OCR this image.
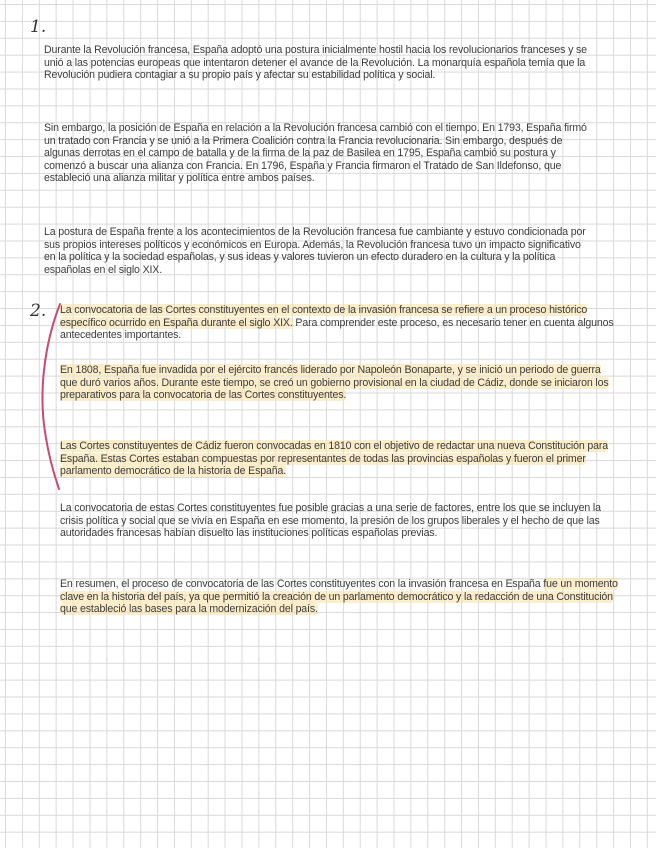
1.

Durante la Revolución francesa, España adoptó una postura inicialmente hostil hacia los revolucionarios franceses y se unió a las potencias europeas que intentaron detener el avance de la Revolución. La monarquía española temía que la Revolución pudiera contagiar a su propio país y afectar su estabilidad política y social.

Sin embargo, la posición de España en relación a la Revolución francesa cambió con el tiempo. En 1793, España firmó un tratado con Francia y se unió a la Primera Coalición contra la Francia revolucionaria. Sin embargo, después de algunas derrotas en el campo de batalla y de la firma de la paz de Basilea en 1795, España cambió su postura y comenzó a buscar una alianza con Francia. En 1796, España y Francia firmaron el Tratado de San Ildefonso, que estableció una alianza militar y política entre ambos países.

La postura de España frente a los acontecimientos de la Revolución francesa fue cambiante y estuvo condicionada por sus propios intereses políticos y económicos en Europa. Además, la Revolución francesa tuvo un impacto significativo en la política y la sociedad españolas, y sus ideas y valores tuvieron un efecto duradero en la cultura y la política españolas en el siglo XIX.

2. La convocatoria de las Cortes constituyentes en el contexto de la invasión francesa se refiere a un proceso histórico específico ocurrido en España durante el siglo XIX. Para comprender este proceso, es necesario tener en cuenta algunos antecedentes importantes.

En 1808, España fue invadida por el ejército francés liderado por Napoleón Bonaparte, y se inició un periodo de guerra que duró varios años. Durante este tiempo, se creó un gobierno provisional en la ciudad de Cádiz, donde se iniciaron los preparativos para la convocatoria de las Cortes constituyentes.

Las Cortes constituyentes de Cádiz fueron convocadas en 1810 con el objetivo de redactar una nueva Constitución para España. Estas Cortes estaban compuestas por representantes de todas las provincias españolas y fueron el primer parlamento democrático de la historia de España.

La convocatoria de estas Cortes constituyentes fue posible gracias a una serie de factores, entre los que se incluyen la crisis política y social que se vivía en España en ese momento, la presión de los grupos liberales y el hecho de que las autoridades francesas habían disuelto las instituciones políticas españolas previas.

En resumen, el proceso de convocatoria de las Cortes constituyentes con la invasión francesa en España fue un momento clave en la historia del país, ya que permitió la creación de un parlamento democrático y la redacción de una Constitución que estableció las bases para la modernización del país.
